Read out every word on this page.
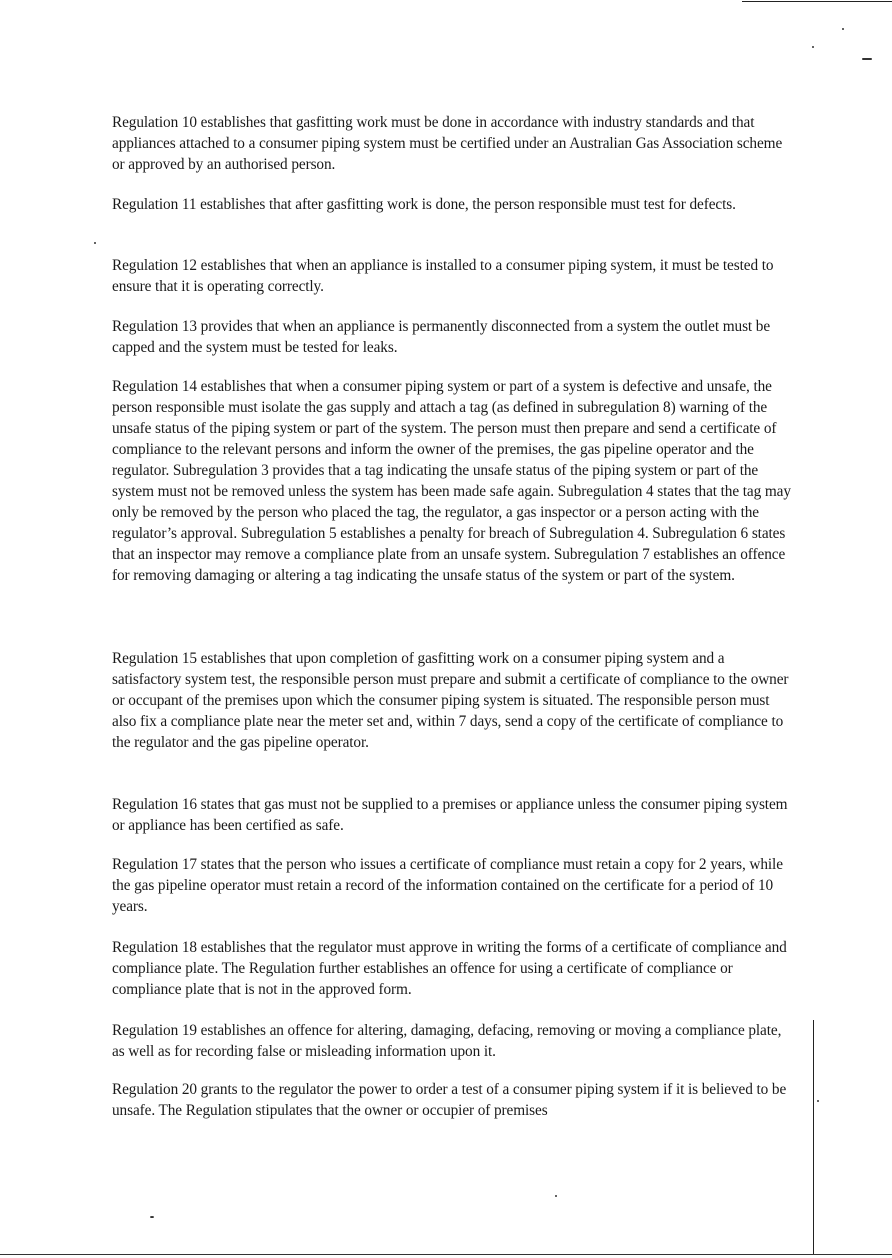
Regulation 10 establishes that gasfitting work must be done in accordance with industry standards and that appliances attached to a consumer piping system must be certified under an Australian Gas Association scheme or approved by an authorised person.

Regulation 11 establishes that after gasfitting work is done, the person responsible must test for defects.

Regulation 12 establishes that when an appliance is installed to a consumer piping system, it must be tested to ensure that it is operating correctly.

Regulation 13 provides that when an appliance is permanently disconnected from a system the outlet must be capped and the system must be tested for leaks.

Regulation 14 establishes that when a consumer piping system or part of a system is defective and unsafe, the person responsible must isolate the gas supply and attach a tag (as defined in subregulation 8) warning of the unsafe status of the piping system or part of the system. The person must then prepare and send a certificate of compliance to the relevant persons and inform the owner of the premises, the gas pipeline operator and the regulator. Subregulation 3 provides that a tag indicating the unsafe status of the piping system or part of the system must not be removed unless the system has been made safe again. Subregulation 4 states that the tag may only be removed by the person who placed the tag, the regulator, a gas inspector or a person acting with the regulator’s approval. Subregulation 5 establishes a penalty for breach of Subregulation 4. Subregulation 6 states that an inspector may remove a compliance plate from an unsafe system. Subregulation 7 establishes an offence for removing damaging or altering a tag indicating the unsafe status of the system or part of the system.

Regulation 15 establishes that upon completion of gasfitting work on a consumer piping system and a satisfactory system test, the responsible person must prepare and submit a certificate of compliance to the owner or occupant of the premises upon which the consumer piping system is situated. The responsible person must also fix a compliance plate near the meter set and, within 7 days, send a copy of the certificate of compliance to the regulator and the gas pipeline operator.

Regulation 16 states that gas must not be supplied to a premises or appliance unless the consumer piping system or appliance has been certified as safe.

Regulation 17 states that the person who issues a certificate of compliance must retain a copy for 2 years, while the gas pipeline operator must retain a record of the information contained on the certificate for a period of 10 years.

Regulation 18 establishes that the regulator must approve in writing the forms of a certificate of compliance and compliance plate. The Regulation further establishes an offence for using a certificate of compliance or compliance plate that is not in the approved form.

Regulation 19 establishes an offence for altering, damaging, defacing, removing or moving a compliance plate, as well as for recording false or misleading information upon it.

Regulation 20 grants to the regulator the power to order a test of a consumer piping system if it is believed to be unsafe. The Regulation stipulates that the owner or occupier of premises
